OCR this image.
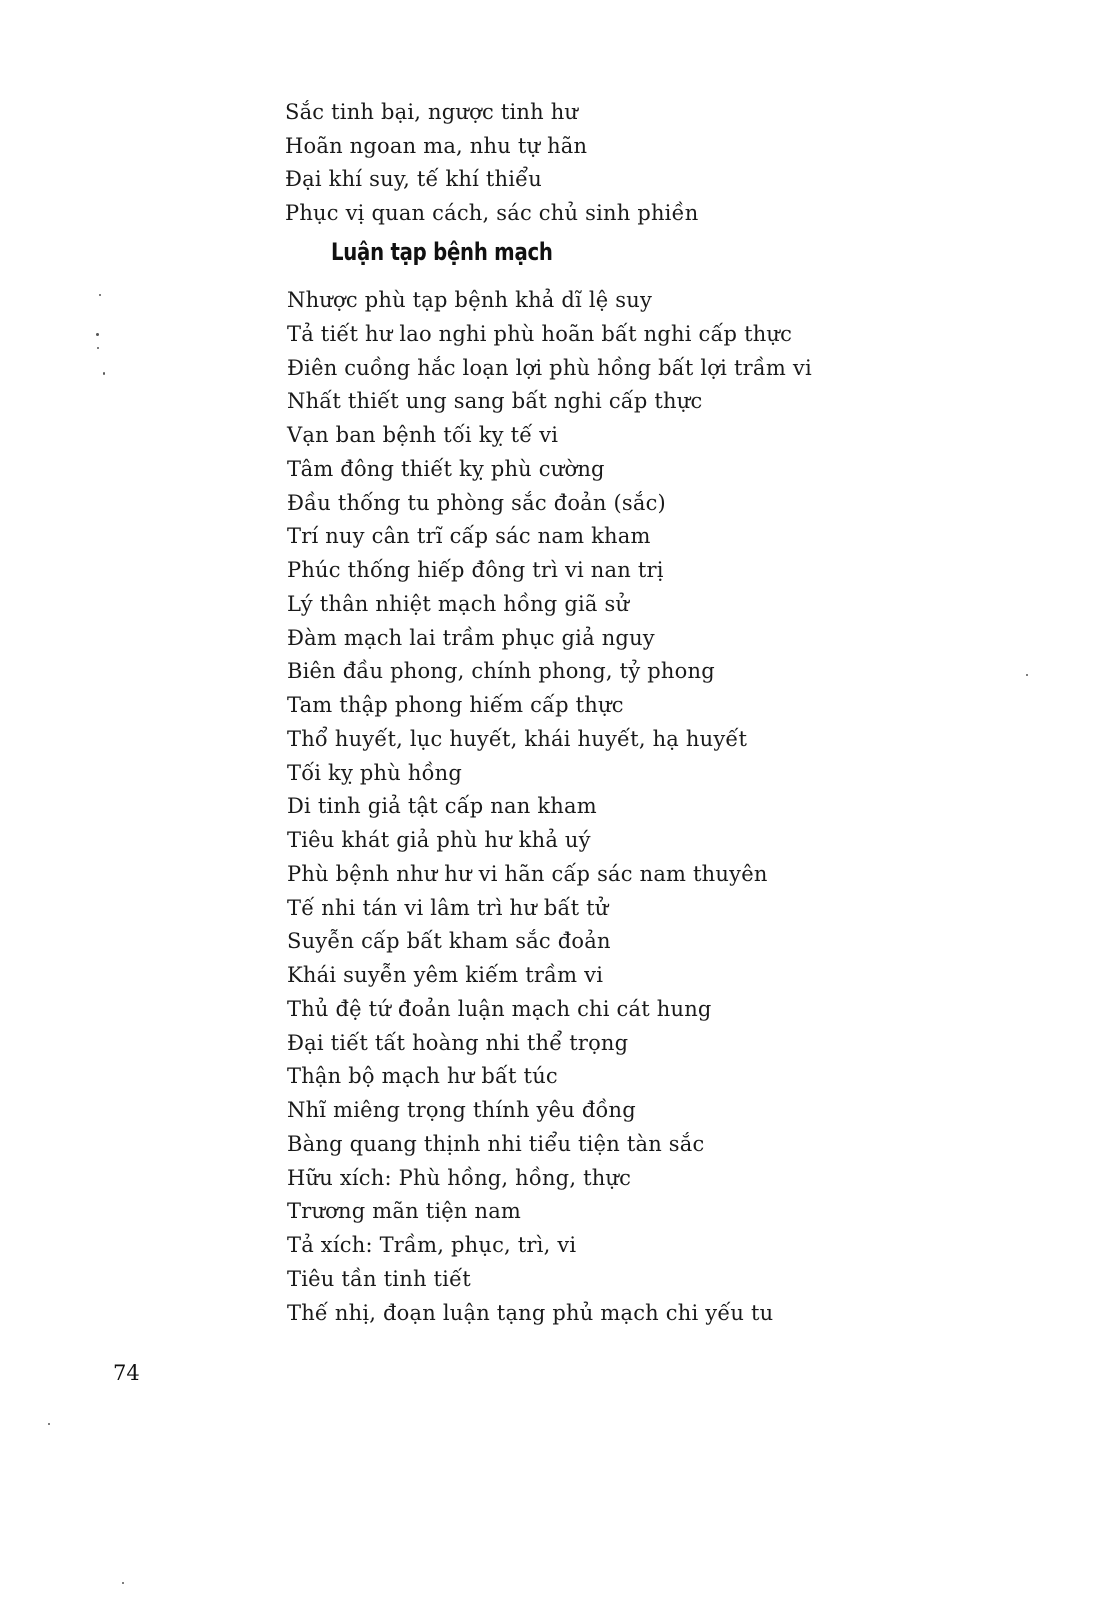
Sắc tinh bại, ngược tinh hư
Hoãn ngoan ma, nhu tự hãn
Đại khí suy, tế khí thiểu
Phục vị quan cách, sác chủ sinh phiền
Luận tạp bệnh mạch
Nhược phù tạp bệnh khả dĩ lệ suy
Tả tiết hư lao nghi phù hoãn bất nghi cấp thực
Điên cuồng hắc loạn lợi phù hồng bất lợi trầm vi
Nhất thiết ung sang bất nghi cấp thực
Vạn ban bệnh tối kỵ tế vi
Tâm đông thiết kỵ phù cường
Đầu thống tu phòng sắc đoản (sắc)
Trí nuy cân trĩ cấp sác nam kham
Phúc thống hiếp đông trì vi nan trị
Lý thân nhiệt mạch hồng giã sử
Đàm mạch lai trầm phục giả nguy
Biên đầu phong, chính phong, tỷ phong
Tam thập phong hiếm cấp thực
Thổ huyết, lục huyết, khái huyết, hạ huyết
Tối kỵ phù hồng
Di tinh giả tật cấp nan kham
Tiêu khát giả phù hư khả uý
Phù bệnh như hư vi hãn cấp sác nam thuyên
Tế nhi tán vi lâm trì hư bất tử
Suyễn cấp bất kham sắc đoản
Khái suyễn yêm kiếm trầm vi
Thủ đệ tứ đoản luận mạch chi cát hung
Đại tiết tất hoàng nhi thể trọng
Thận bộ mạch hư bất túc
Nhĩ miêng trọng thính yêu đồng
Bàng quang thịnh nhi tiểu tiện tàn sắc
Hữu xích: Phù hồng, hồng, thực
Trương mãn tiện nam
Tả xích: Trầm, phục, trì, vi
Tiêu tần tinh tiết
Thế nhị, đoạn luận tạng phủ mạch chi yếu tu
74
